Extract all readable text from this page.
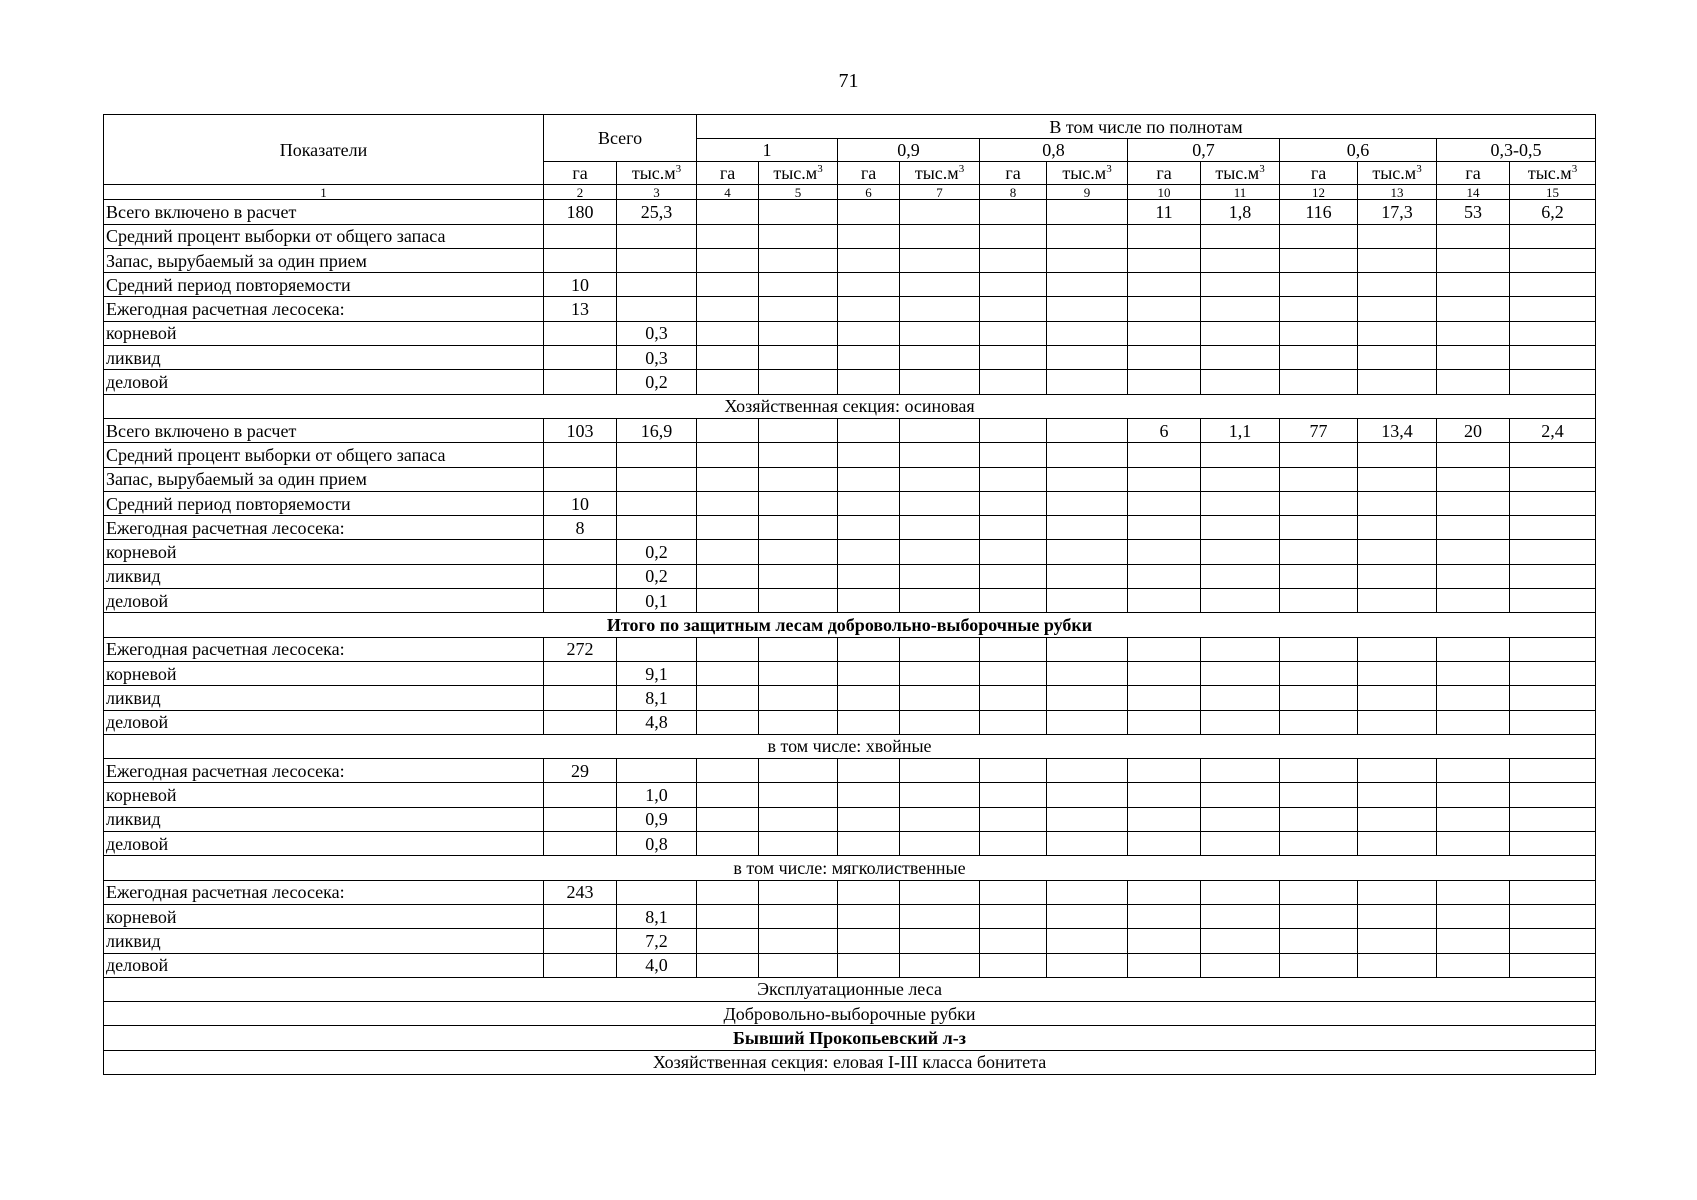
71
Показатели	Всего		В том числе по полнотам											
			1		0,9		0,8		0,7		0,6		0,3-0,5	
	га	$тыс.м^3$	га	$тыс.м^3$	га	$тыс.м^3$	га	$тыс.м^3$	га	$тыс.м^3$	га	$тыс.м^3$	га	$тыс.м^3$
1	2	3	4	5	6	7	8	9	10	11	12	13	14	15
Всего включено в расчет	180	25,3							11	1,8	116	17,3	53	6,2
Средний процент выборки от общего запаса														
Запас, вырубаемый за один прием														
Средний период повторяемости	10													
Ежегодная расчетная лесосека:	13													
корневой		0,3												
ликвид		0,3												
деловой		0,2												
Хозяйственная секция: осиновая														
Всего включено в расчет	103	16,9							6	1,1	77	13,4	20	2,4
Средний процент выборки от общего запаса														
Запас, вырубаемый за один прием														
Средний период повторяемости	10													
Ежегодная расчетная лесосека:	8													
корневой		0,2												
ликвид		0,2												
деловой		0,1												
Итого по защитным лесам добровольно-выборочные рубки														
Ежегодная расчетная лесосека:	272													
корневой		9,1												
ликвид		8,1												
деловой		4,8												
в том числе: хвойные														
Ежегодная расчетная лесосека:	29													
корневой		1,0												
ликвид		0,9												
деловой		0,8												
в том числе: мягколиственные														
Ежегодная расчетная лесосека:	243													
корневой		8,1												
ликвид		7,2												
деловой		4,0												
Эксплуатационные леса														
Добровольно-выборочные рубки														
Бывший Прокопьевский л-з														
Хозяйственная секция: еловая I-III класса бонитета														
